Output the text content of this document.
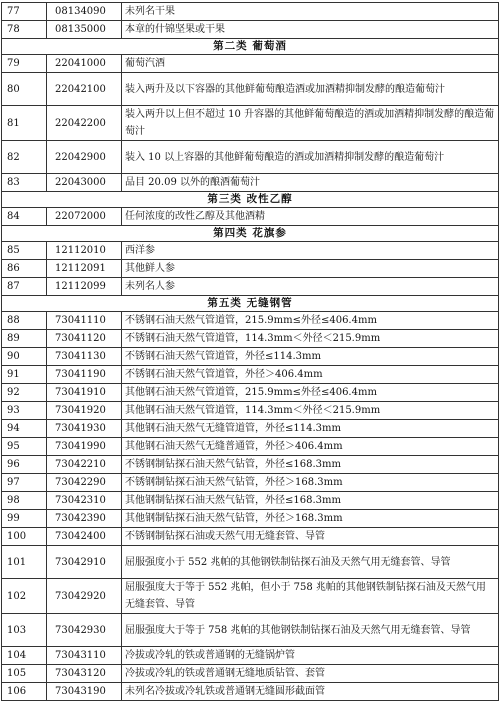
77	08134090	未列名干果
78	08135000	本章的什锦坚果或干果
第二类 葡萄酒		
79	22041000	葡萄汽酒
80	22042100	装入两升及以下容器的其他鲜葡萄酿造酒或加酒精抑制发酵的酿造葡萄汁
81	22042200	装入两升以上但不超过 10 升容器的其他鲜葡萄酿造的酒或加酒精抑制发酵的酿造葡萄汁
82	22042900	装入 10 以上容器的其他鲜葡萄酿造的酒或加酒精抑制发酵的酿造葡萄汁
83	22043000	品目 20.09 以外的酿酒葡萄汁
第三类 改性乙醇		
84	22072000	任何浓度的改性乙醇及其他酒精
第四类 花旗参		
85	12112010	西洋参
86	12112091	其他鲜人参
87	12112099	未列名人参
第五类 无缝钢管		
88	73041110	不锈钢石油天然气管道管，215.9mm≤外径≤406.4mm
89	73041120	不锈钢石油天然气管道管，114.3mm＜外径＜215.9mm
90	73041130	不锈钢石油天然气管道管，外径≤114.3mm
91	73041190	不锈钢石油天然气管道管，外径＞406.4mm
92	73041910	其他钢石油天然气管道管，215.9mm≤外径≤406.4mm
93	73041920	其他钢石油天然气管道管，114.3mm＜外径＜215.9mm
94	73041930	其他钢石油天然气无缝管道管，外径≤114.3mm
95	73041990	其他钢石油天然气无缝普通管，外径＞406.4mm
96	73042210	不锈钢制钻探石油天然气钻管，外径≤168.3mm
97	73042290	不锈钢制钻探石油天然气钻管，外径＞168.3mm
98	73042310	其他钢制钻探石油天然气钻管，外径≤168.3mm
99	73042390	其他钢制钻探石油天然气钻管，外径＞168.3mm
100	73042400	不锈钢制钻探石油或天然气用无缝套管、导管
101	73042910	屈服强度小于 552 兆帕的其他钢铁制钻探石油及天然气用无缝套管、导管
102	73042920	屈服强度大于等于 552 兆帕，但小于 758 兆帕的其他钢铁制钻探石油及天然气用无缝套管、导管
103	73042930	屈服强度大于等于 758 兆帕的其他钢铁制钻探石油及天然气用无缝套管、导管
104	73043110	冷拔或冷轧的铁或普通钢的无缝锅炉管
105	73043120	冷拔或冷轧的铁或普通钢无缝地质钻管、套管
106	73043190	未列名冷拔或冷轧铁或普通钢无缝圆形截面管
